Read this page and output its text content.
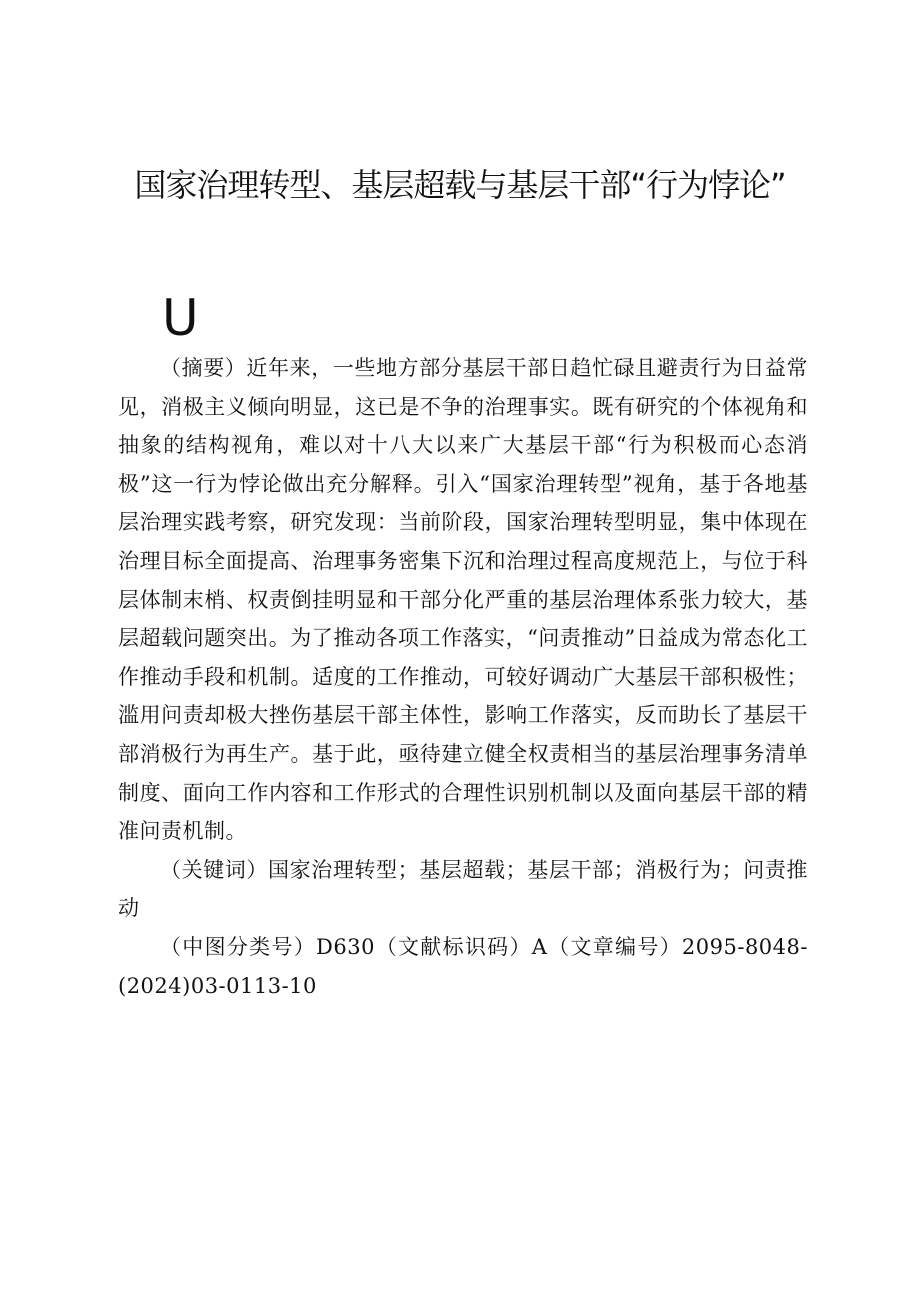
国家治理转型、基层超载与基层干部“行为悖论”
U

（摘要）近年来，一些地方部分基层干部日趋忙碌且避责行为日益常见，消极主义倾向明显，这已是不争的治理事实。既有研究的个体视角和抽象的结构视角，难以对十八大以来广大基层干部“行为积极而心态消极”这一行为悖论做出充分解释。引入“国家治理转型”视角，基于各地基层治理实践考察，研究发现：当前阶段，国家治理转型明显，集中体现在治理目标全面提高、治理事务密集下沉和治理过程高度规范上，与位于科层体制末梢、权责倒挂明显和干部分化严重的基层治理体系张力较大，基层超载问题突出。为了推动各项工作落实，“问责推动”日益成为常态化工作推动手段和机制。适度的工作推动，可较好调动广大基层干部积极性；滥用问责却极大挫伤基层干部主体性，影响工作落实，反而助长了基层干部消极行为再生产。基于此，亟待建立健全权责相当的基层治理事务清单制度、面向工作内容和工作形式的合理性识别机制以及面向基层干部的精准问责机制。

（关键词）国家治理转型；基层超载；基层干部；消极行为；问责推动

（中图分类号）D630（文献标识码）A（文章编号）2095-8048-(2024)03-0113-10
